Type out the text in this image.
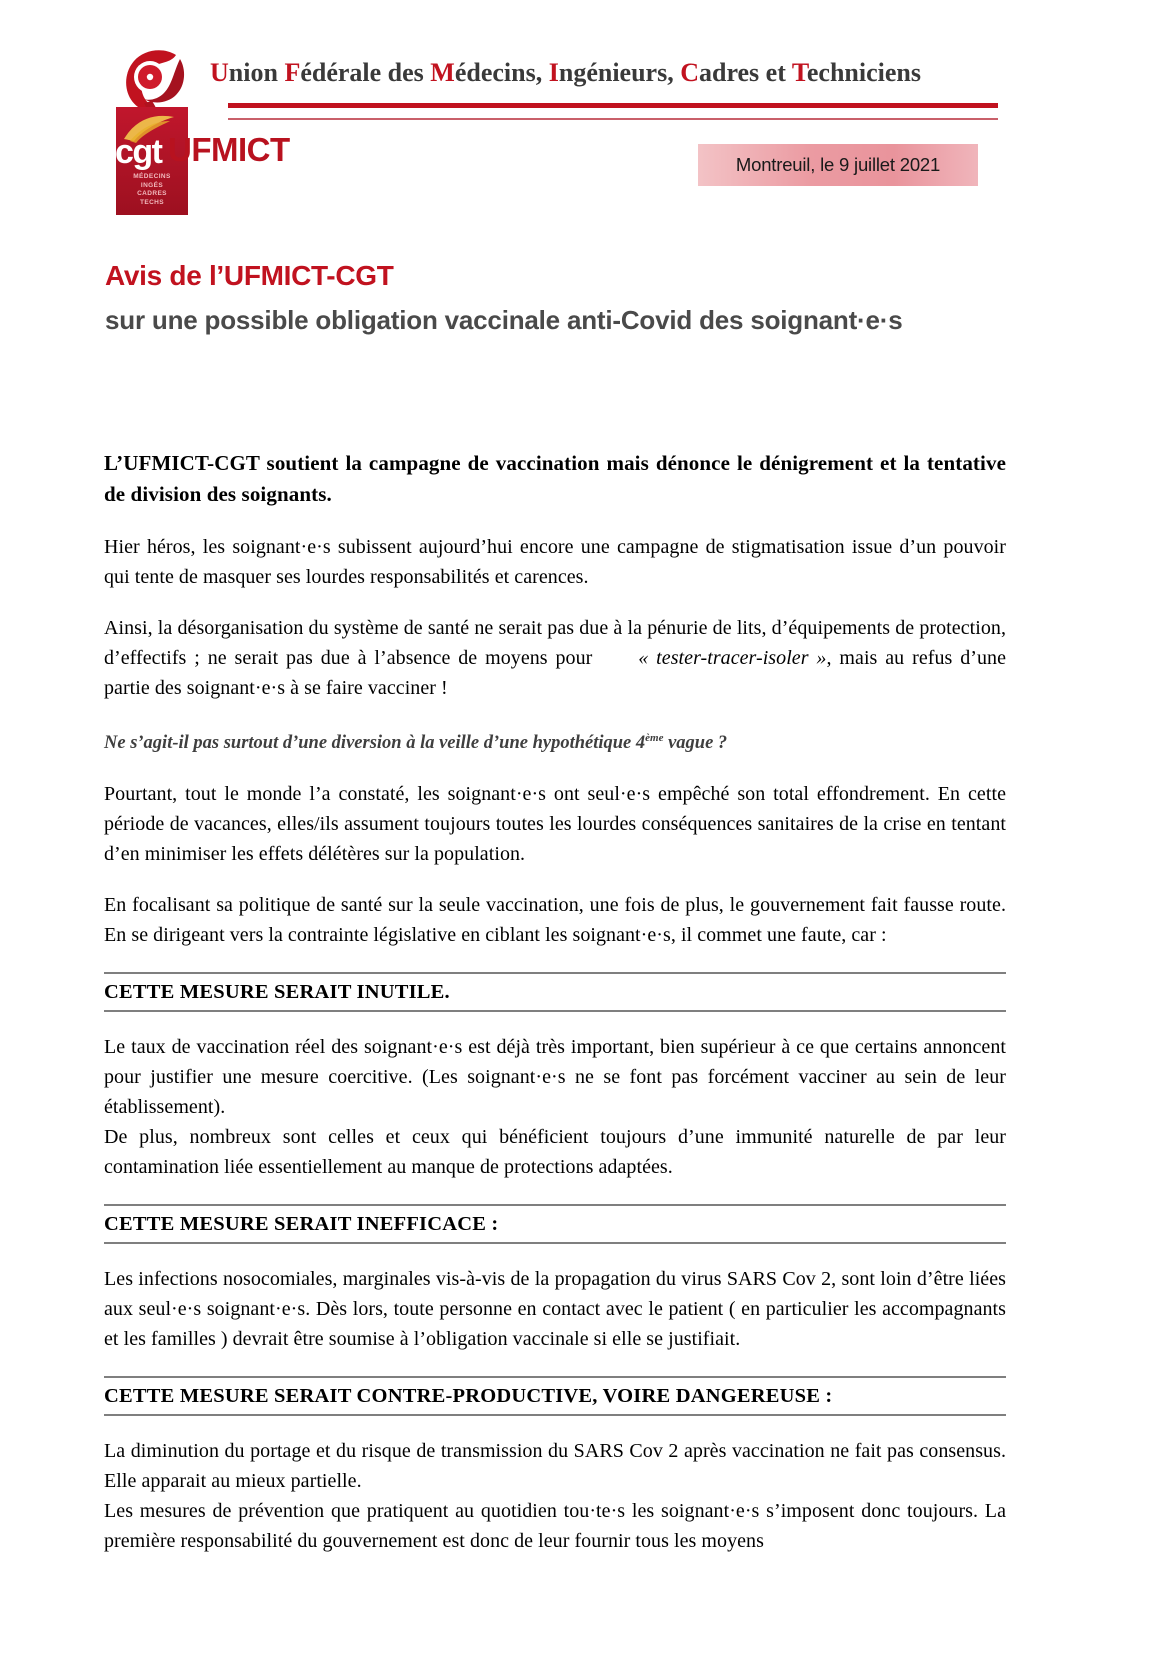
cgt
MÉDECINS
INGÉS
CADRES
TECHS
UFMICT
Union Fédérale des Médecins, Ingénieurs, Cadres et Techniciens
Montreuil, le 9 juillet 2021
Avis de l’UFMICT-CGT
sur une possible obligation vaccinale anti-Covid des soignant·e·s

L’UFMICT-CGT soutient la campagne de vaccination mais dénonce le dénigrement et la tentative de division des soignants.

Hier héros, les soignant·e·s subissent aujourd’hui encore une campagne de stigmatisation issue d’un pouvoir qui tente de masquer ses lourdes responsabilités et carences.

Ainsi, la désorganisation du système de santé ne serait pas due à la pénurie de lits, d’équipements de protection, d’effectifs ; ne serait pas due à l’absence de moyens pour « tester-tracer-isoler », mais au refus d’une partie des soignant·e·s à se faire vacciner !

Ne s’agit-il pas surtout d’une diversion à la veille d’une hypothétique 4ème vague ?

Pourtant, tout le monde l’a constaté, les soignant·e·s ont seul·e·s empêché son total effondrement. En cette période de vacances, elles/ils assument toujours toutes les lourdes conséquences sanitaires de la crise en tentant d’en minimiser les effets délétères sur la population.

En focalisant sa politique de santé sur la seule vaccination, une fois de plus, le gouvernement fait fausse route. En se dirigeant vers la contrainte législative en ciblant les soignant·e·s, il commet une faute, car :

CETTE MESURE SERAIT INUTILE.

Le taux de vaccination réel des soignant·e·s est déjà très important, bien supérieur à ce que certains annoncent pour justifier une mesure coercitive. (Les soignant·e·s ne se font pas forcément vacciner au sein de leur établissement).

De plus, nombreux sont celles et ceux qui bénéficient toujours d’une immunité naturelle de par leur contamination liée essentiellement au manque de protections adaptées.

CETTE MESURE SERAIT INEFFICACE :

Les infections nosocomiales, marginales vis-à-vis de la propagation du virus SARS Cov 2, sont loin d’être liées aux seul·e·s soignant·e·s. Dès lors, toute personne en contact avec le patient ( en particulier les accompagnants et les familles ) devrait être soumise à l’obligation vaccinale si elle se justifiait.

CETTE MESURE SERAIT CONTRE-PRODUCTIVE, VOIRE DANGEREUSE :

La diminution du portage et du risque de transmission du SARS Cov 2 après vaccination ne fait pas consensus. Elle apparait au mieux partielle.

Les mesures de prévention que pratiquent au quotidien tou·te·s les soignant·e·s s’imposent donc toujours. La première responsabilité du gouvernement est donc de leur fournir tous les moyens
